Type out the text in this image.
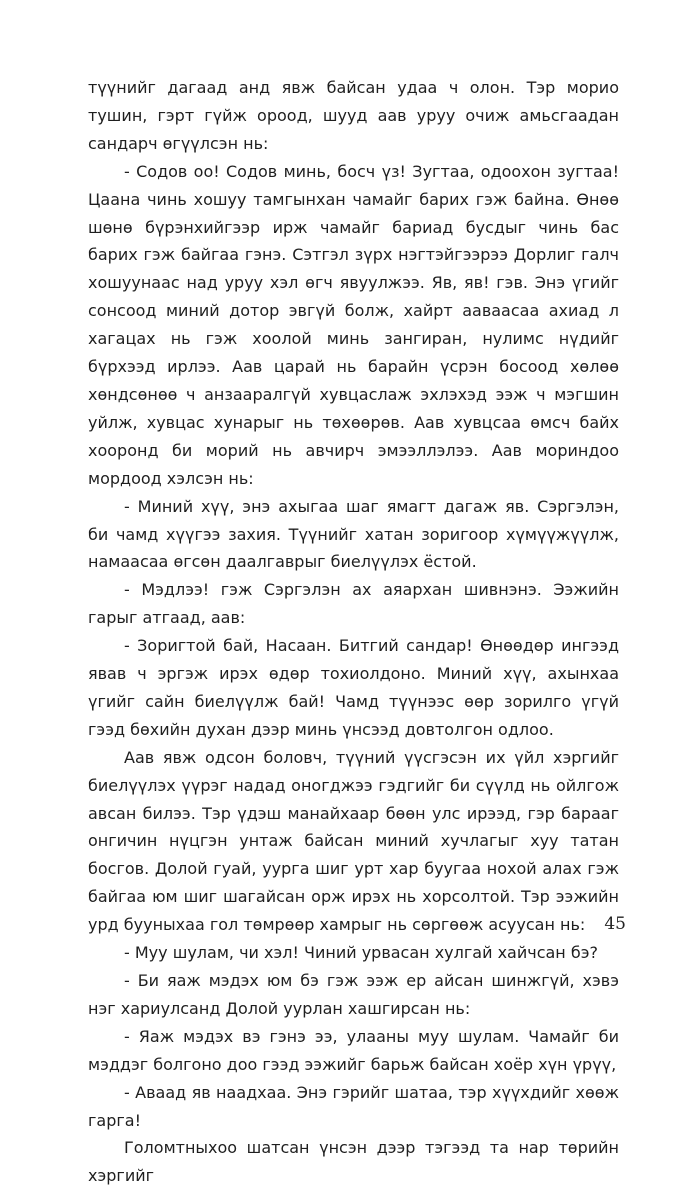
түүнийг дагаад анд явж байсан удаа ч олон. Тэр морио тушин, гэрт гүйж ороод, шууд аав уруу очиж амьсгаадан сандарч өгүүлсэн нь:

- Содов оо! Содов минь, босч үз! Зугтаа, одоохон зугтаа! Цаана чинь хошуу тамгынхан чамайг барих гэж байна. Өнөө шөнө бүрэнхийгээр ирж чамайг бариад бусдыг чинь бас барих гэж байгаа гэнэ. Сэтгэл зүрх нэгтэйгээрээ Дорлиг галч хошуунаас над уруу хэл өгч явуулжээ. Яв, яв! гэв. Энэ үгийг сонсоод миний дотор эвгүй болж, хайрт ааваасаа ахиад л хагацах нь гэж хоолой минь зангиран, нулимс нүдийг бүрхээд ирлээ. Аав царай нь барайн үсрэн босоод хөлөө хөндсөнөө ч анзааралгүй хувцаслаж эхлэхэд ээж ч мэгшин уйлж, хувцас хунарыг нь төхөөрөв. Аав хувцсаа өмсч байх хооронд би морий нь авчирч эмээллэлээ. Аав мориндоо мордоод хэлсэн нь:

- Миний хүү, энэ ахыгаа шаг ямагт дагаж яв. Сэргэлэн, би чамд хүүгээ захия. Түүнийг хатан зоригоор хүмүүжүүлж, намаасаа өгсөн даалгаврыг биелүүлэх ёстой.

- Мэдлээ! гэж Сэргэлэн ах аяархан шивнэнэ. Ээжийн гарыг атгаад, аав:

- Зоригтой бай, Насаан. Битгий сандар! Өнөөдөр ингээд явав ч эргэж ирэх өдөр тохиолдоно. Миний хүү, ахынхаа үгийг сайн биелүүлж бай! Чамд түүнээс өөр зорилго үгүй гээд бөхийн духан дээр минь үнсээд довтолгон одлоо.

Аав явж одсон боловч, түүний үүсгэсэн их үйл хэргийг биелүүлэх үүрэг надад оногджээ гэдгийг би сүүлд нь ойлгож авсан билээ. Тэр үдэш манайхаар бөөн улс ирээд, гэр барааг онгичин нүцгэн унтаж байсан миний хучлагыг хуу татан босгов. Долой гуай, уурга шиг урт хар буугаа нохой алах гэж байгаа юм шиг шагайсан орж ирэх нь хорсолтой. Тэр ээжийн урд бууныхаа гол төмрөөр хамрыг нь сөргөөж асуусан нь:

- Муу шулам, чи хэл! Чиний урвасан хулгай хайчсан бэ?

- Би яаж мэдэх юм бэ гэж ээж ер айсан шинжгүй, хэвэ нэг хариулсанд Долой уурлан хашгирсан нь:

- Яаж мэдэх вэ гэнэ ээ, улааны муу шулам. Чамайг би мэддэг болгоно доо гээд ээжийг барьж байсан хоёр хүн үрүү,

- Аваад яв наадхаа. Энэ гэрийг шатаа, тэр хүүхдийг хөөж гарга!

Голомтныхоо шатсан үнсэн дээр тэгээд та нар төрийн хэргийг

45
